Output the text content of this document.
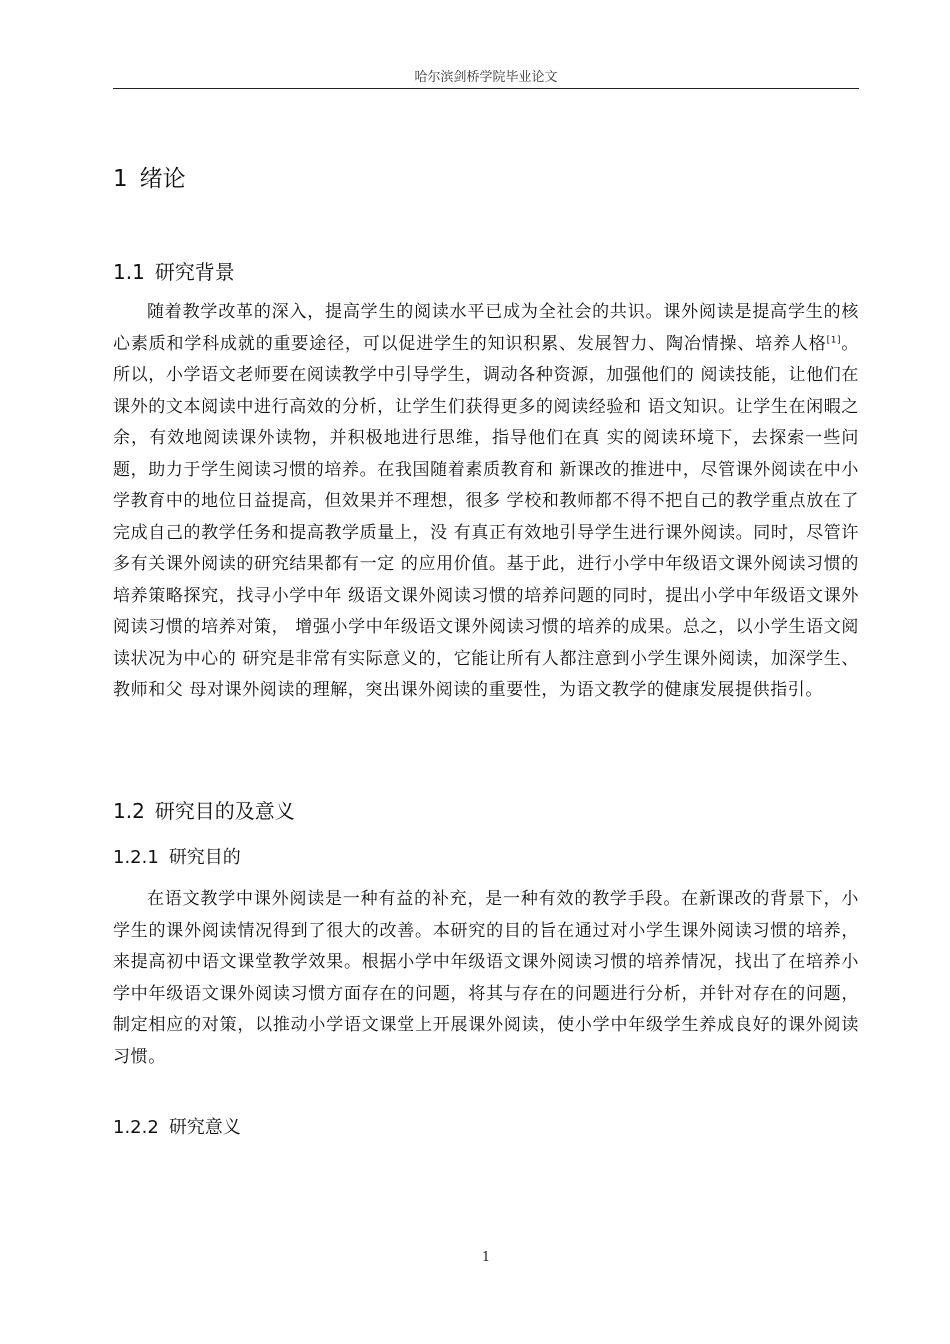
哈尔滨剑桥学院毕业论文
1 绪论
1.1 研究背景

随着教学改革的深入，提高学生的阅读水平已成为全社会的共识。课外阅读是提高学生的核心素质和学科成就的重要途径，可以促进学生的知识积累、发展智力、陶冶情操、培养人格[1]。所以，小学语文老师要在阅读教学中引导学生，调动各种资源，加强他们的 阅读技能，让他们在课外的文本阅读中进行高效的分析，让学生们获得更多的阅读经验和 语文知识。让学生在闲暇之余，有效地阅读课外读物，并积极地进行思维，指导他们在真 实的阅读环境下，去探索一些问题，助力于学生阅读习惯的培养。在我国随着素质教育和 新课改的推进中，尽管课外阅读在中小学教育中的地位日益提高，但效果并不理想，很多 学校和教师都不得不把自己的教学重点放在了完成自己的教学任务和提高教学质量上，没 有真正有效地引导学生进行课外阅读。同时，尽管许多有关课外阅读的研究结果都有一定 的应用价值。基于此，进行小学中年级语文课外阅读习惯的培养策略探究，找寻小学中年 级语文课外阅读习惯的培养问题的同时，提出小学中年级语文课外阅读习惯的培养对策， 增强小学中年级语文课外阅读习惯的培养的成果。总之，以小学生语文阅读状况为中心的 研究是非常有实际意义的，它能让所有人都注意到小学生课外阅读，加深学生、教师和父 母对课外阅读的理解，突出课外阅读的重要性，为语文教学的健康发展提供指引。

1.2 研究目的及意义
1.2.1 研究目的

在语文教学中课外阅读是一种有益的补充，是一种有效的教学手段。在新课改的背景下，小学生的课外阅读情况得到了很大的改善。本研究的目的旨在通过对小学生课外阅读习惯的培养，来提高初中语文课堂教学效果。根据小学中年级语文课外阅读习惯的培养情况，找出了在培养小学中年级语文课外阅读习惯方面存在的问题，将其与存在的问题进行分析，并针对存在的问题，制定相应的对策，以推动小学语文课堂上开展课外阅读，使小学中年级学生养成良好的课外阅读习惯。

1.2.2 研究意义
1
